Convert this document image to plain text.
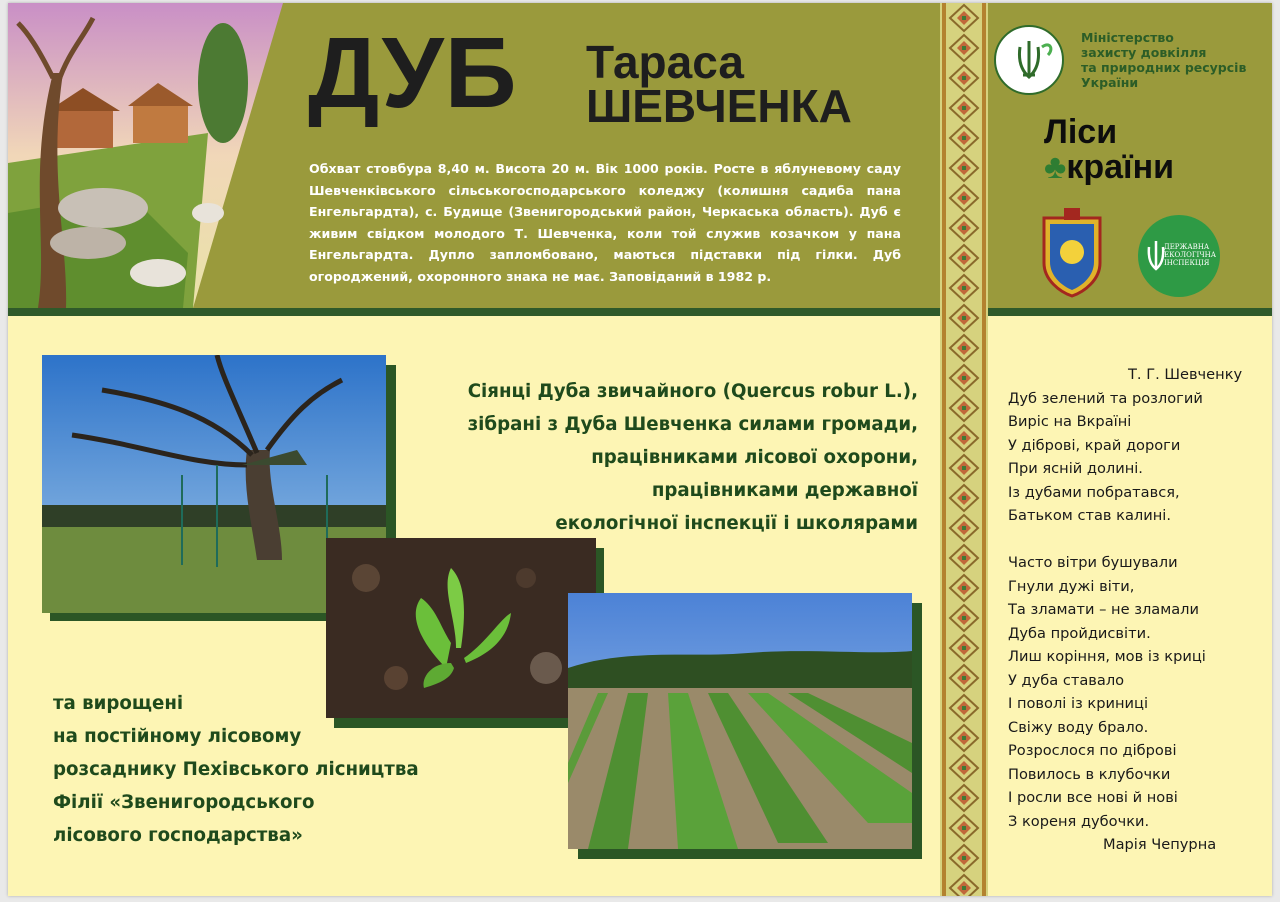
ДУБ Тараса
ШЕВЧЕНКА
Обхват стовбура 8,40 м. Висота 20 м. Вік 1000 років. Росте в яблуневому саду Шевченківського сільськогосподарського коледжу (колишня садиба пана Енгельгардта), с. Будище (Звенигородський район, Черкаська область). Дуб є живим свідком молодого Т. Шевченка, коли той служив козачком у пана Енгельгардта. Дупло запломбовано, маються підставки під гілки. Дуб огороджений, охоронного знака не має. Заповіданий в 1982 р.
Міністерство
захисту довкілля
та природних ресурсів
України
Ліси
♣країни
ДЕРЖАВНА ЕКОЛОГІЧНА ІНСПЕКЦІЯ
Сіянці Дуба звичайного (Quercus robur L.),
зібрані з Дуба Шевченка силами громади,
працівниками лісової охорони,
працівниками державної
екологічної інспекції і школярами
та вирощені
на постійному лісовому
розсаднику Пехівського лісництва
Філії «Звенигородського
лісового господарства»
Т. Г. Шевченку
Дуб зелений та розлогий
Виріс на Вкраїні
У діброві, край дороги
При ясній долині.
Із дубами побратався,
Батьком став калині.
Часто вітри бушували
Гнули дужі віти,
Та зламати – не зламали
Дуба пройдисвіти.
Лиш коріння, мов із криці
У дуба ставало
І поволі із криниці
Свіжу воду брало.
Розрослося по діброві
Повилось в клубочки
І росли все нові й нові
З кореня дубочки.
Марія Чепурна
